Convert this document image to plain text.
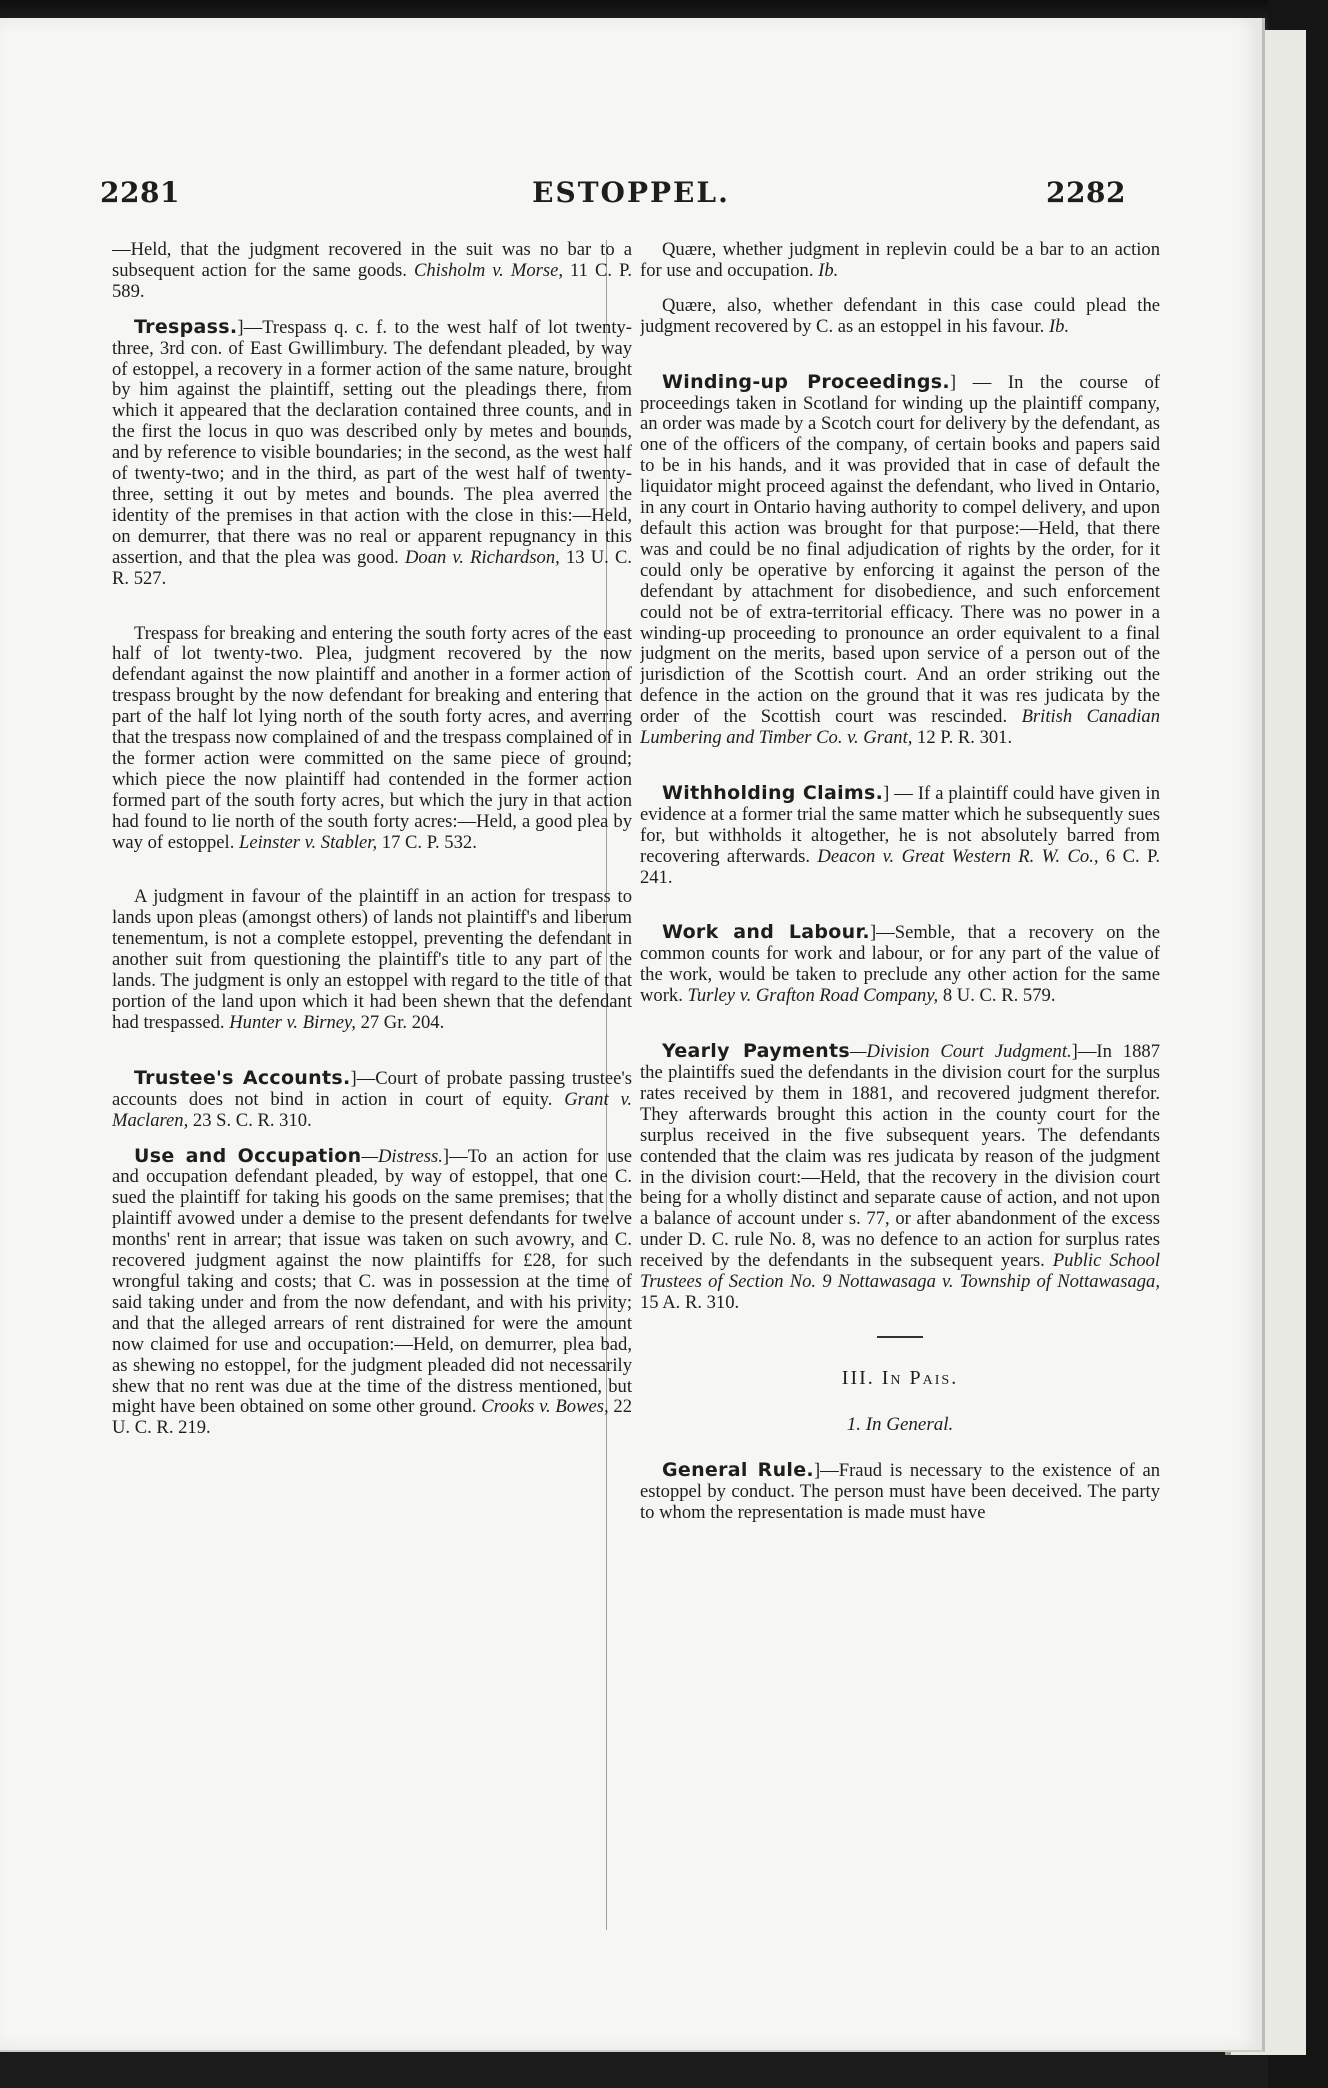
2281	ESTOPPEL.	2282

—Held, that the judgment recovered in the suit was no bar to a subsequent action for the same goods. Chisholm v. Morse, 11 C. P. 589.

Trespass.]—Trespass q. c. f. to the west half of lot twenty-three, 3rd con. of East Gwillimbury. The defendant pleaded, by way of estoppel, a recovery in a former action of the same nature, brought by him against the plaintiff, setting out the pleadings there, from which it appeared that the declaration contained three counts, and in the first the locus in quo was described only by metes and bounds, and by reference to visible boundaries; in the second, as the west half of twenty-two; and in the third, as part of the west half of twenty-three, setting it out by metes and bounds. The plea averred the identity of the premises in that action with the close in this:—Held, on demurrer, that there was no real or apparent repugnancy in this assertion, and that the plea was good. Doan v. Richardson, 13 U. C. R. 527.

Trespass for breaking and entering the south forty acres of the east half of lot twenty-two. Plea, judgment recovered by the now defendant against the now plaintiff and another in a former action of trespass brought by the now defendant for breaking and entering that part of the half lot lying north of the south forty acres, and averring that the trespass now complained of and the trespass complained of in the former action were committed on the same piece of ground; which piece the now plaintiff had contended in the former action formed part of the south forty acres, but which the jury in that action had found to lie north of the south forty acres:—Held, a good plea by way of estoppel. Leinster v. Stabler, 17 C. P. 532.

A judgment in favour of the plaintiff in an action for trespass to lands upon pleas (amongst others) of lands not plaintiff's and liberum tenementum, is not a complete estoppel, preventing the defendant in another suit from questioning the plaintiff's title to any part of the lands. The judgment is only an estoppel with regard to the title of that portion of the land upon which it had been shewn that the defendant had trespassed. Hunter v. Birney, 27 Gr. 204.

Trustee's Accounts.]—Court of probate passing trustee's accounts does not bind in action in court of equity. Grant v. Maclaren, 23 S. C. R. 310.

Use and Occupation—Distress.]—To an action for use and occupation defendant pleaded, by way of estoppel, that one C. sued the plaintiff for taking his goods on the same premises; that the plaintiff avowed under a demise to the present defendants for twelve months' rent in arrear; that issue was taken on such avowry, and C. recovered judgment against the now plaintiffs for £28, for such wrongful taking and costs; that C. was in possession at the time of said taking under and from the now defendant, and with his privity; and that the alleged arrears of rent distrained for were the amount now claimed for use and occupation:—Held, on demurrer, plea bad, as shewing no estoppel, for the judgment pleaded did not necessarily shew that no rent was due at the time of the distress mentioned, but might have been obtained on some other ground. Crooks v. Bowes, 22 U. C. R. 219.

Quære, whether judgment in replevin could be a bar to an action for use and occupation. Ib.

Quære, also, whether defendant in this case could plead the judgment recovered by C. as an estoppel in his favour. Ib.

Winding-up Proceedings.] — In the course of proceedings taken in Scotland for winding up the plaintiff company, an order was made by a Scotch court for delivery by the defendant, as one of the officers of the company, of certain books and papers said to be in his hands, and it was provided that in case of default the liquidator might proceed against the defendant, who lived in Ontario, in any court in Ontario having authority to compel delivery, and upon default this action was brought for that purpose:—Held, that there was and could be no final adjudication of rights by the order, for it could only be operative by enforcing it against the person of the defendant by attachment for disobedience, and such enforcement could not be of extra-territorial efficacy. There was no power in a winding-up proceeding to pronounce an order equivalent to a final judgment on the merits, based upon service of a person out of the jurisdiction of the Scottish court. And an order striking out the defence in the action on the ground that it was res judicata by the order of the Scottish court was rescinded. British Canadian Lumbering and Timber Co. v. Grant, 12 P. R. 301.

Withholding Claims.] — If a plaintiff could have given in evidence at a former trial the same matter which he subsequently sues for, but withholds it altogether, he is not absolutely barred from recovering afterwards. Deacon v. Great Western R. W. Co., 6 C. P. 241.

Work and Labour.]—Semble, that a recovery on the common counts for work and labour, or for any part of the value of the work, would be taken to preclude any other action for the same work. Turley v. Grafton Road Company, 8 U. C. R. 579.

Yearly Payments—Division Court Judgment.]—In 1887 the plaintiffs sued the defendants in the division court for the surplus rates received by them in 1881, and recovered judgment therefor. They afterwards brought this action in the county court for the surplus received in the five subsequent years. The defendants contended that the claim was res judicata by reason of the judgment in the division court:—Held, that the recovery in the division court being for a wholly distinct and separate cause of action, and not upon a balance of account under s. 77, or after abandonment of the excess under D. C. rule No. 8, was no defence to an action for surplus rates received by the defendants in the subsequent years. Public School Trustees of Section No. 9 Nottawasaga v. Township of Nottawasaga, 15 A. R. 310.

III. In Pais.
1. In General.

General Rule.]—Fraud is necessary to the existence of an estoppel by conduct. The person must have been deceived. The party to whom the representation is made must have
